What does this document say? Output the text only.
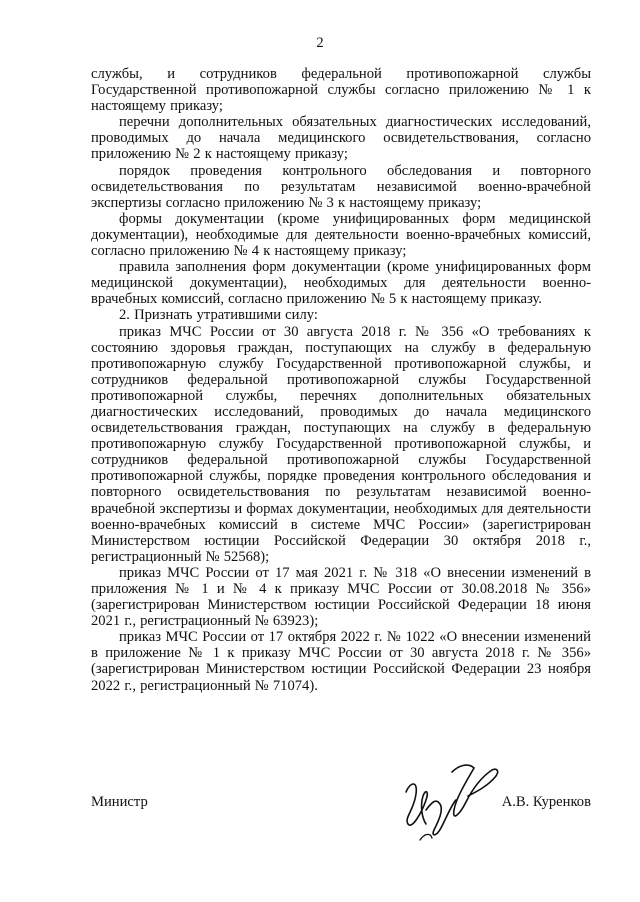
2

службы, и сотрудников федеральной противопожарной службы Государственной противопожарной службы согласно приложению № 1 к настоящему приказу;

перечни дополнительных обязательных диагностических исследований, проводимых до начала медицинского освидетельствования, согласно приложению № 2 к настоящему приказу;

порядок проведения контрольного обследования и повторного освидетельствования по результатам независимой военно-врачебной экспертизы согласно приложению № 3 к настоящему приказу;

формы документации (кроме унифицированных форм медицинской документации), необходимые для деятельности военно-врачебных комиссий, согласно приложению № 4 к настоящему приказу;

правила заполнения форм документации (кроме унифицированных форм медицинской документации), необходимых для деятельности военно-врачебных комиссий, согласно приложению № 5 к настоящему приказу.

2. Признать утратившими силу:

приказ МЧС России от 30 августа 2018 г. № 356 «О требованиях к состоянию здоровья граждан, поступающих на службу в федеральную противопожарную службу Государственной противопожарной службы, и сотрудников федеральной противопожарной службы Государственной противопожарной службы, перечнях дополнительных обязательных диагностических исследований, проводимых до начала медицинского освидетельствования граждан, поступающих на службу в федеральную противопожарную службу Государственной противопожарной службы, и сотрудников федеральной противопожарной службы Государственной противопожарной службы, порядке проведения контрольного обследования и повторного освидетельствования по результатам независимой военно-врачебной экспертизы и формах документации, необходимых для деятельности военно-врачебных комиссий в системе МЧС России» (зарегистрирован Министерством юстиции Российской Федерации 30 октября 2018 г., регистрационный № 52568);

приказ МЧС России от 17 мая 2021 г. № 318 «О внесении изменений в приложения № 1 и № 4 к приказу МЧС России от 30.08.2018 № 356» (зарегистрирован Министерством юстиции Российской Федерации 18 июня 2021 г., регистрационный № 63923);

приказ МЧС России от 17 октября 2022 г. № 1022 «О внесении изменений в приложение № 1 к приказу МЧС России от 30 августа 2018 г. № 356» (зарегистрирован Министерством юстиции Российской Федерации 23 ноября 2022 г., регистрационный № 71074).

Министр	А.В. Куренков
